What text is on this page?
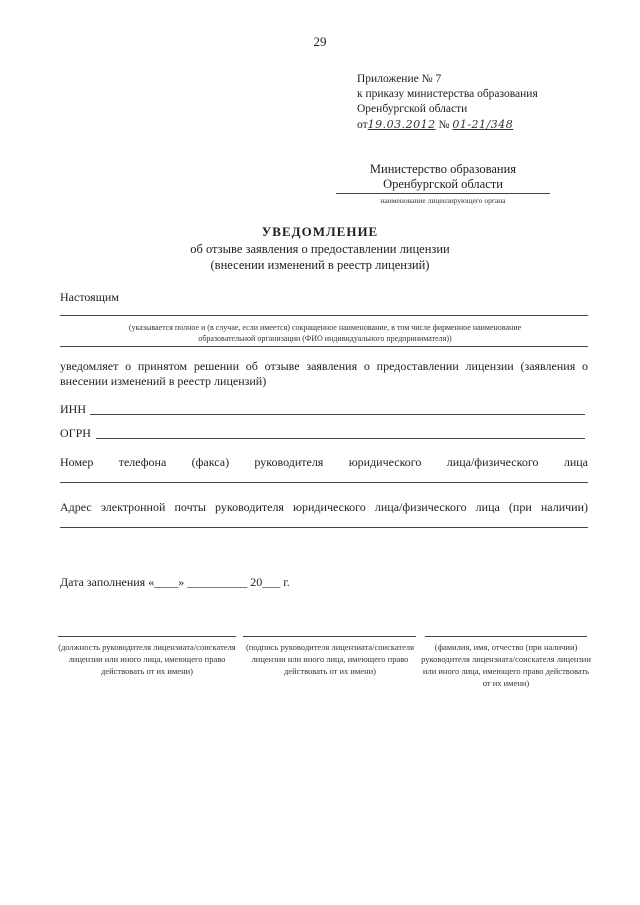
29
Приложение № 7
к приказу министерства образования
Оренбургской области
от19.03.2012 № 01-21/348
Министерство образования
Оренбургской области
наименование лицензирующего органа
УВЕДОМЛЕНИЕ
об отзыве заявления о предоставлении лицензии
(внесении изменений в реестр лицензий)
Настоящим
(указывается полное и (в случае, если имеется) сокращенное наименование, в том числе фирменное наименование
образовательной организации (ФИО индивидуального предпринимателя))
уведомляет о принятом решении об отзыве заявления о предоставлении лицензии (заявления о
внесении изменений в реестр лицензий)
ИНН
ОГРН
Номер телефона (факса) руководителя юридического лица/физического лица
Адрес электронной почты руководителя юридического лица/физического лица (при наличии)
Дата заполнения «____» __________ 20___ г.
(должность руководителя лицензиата/соискателя лицензии или иного лица, имеющего право действовать от их имени)
(подпись руководителя лицензиата/соискателя лицензии или иного лица, имеющего право действовать от их имени)
(фамилия, имя, отчество (при наличии) руководителя лицензиата/соискателя лицензии или иного лица, имеющего право действовать от их имени)
